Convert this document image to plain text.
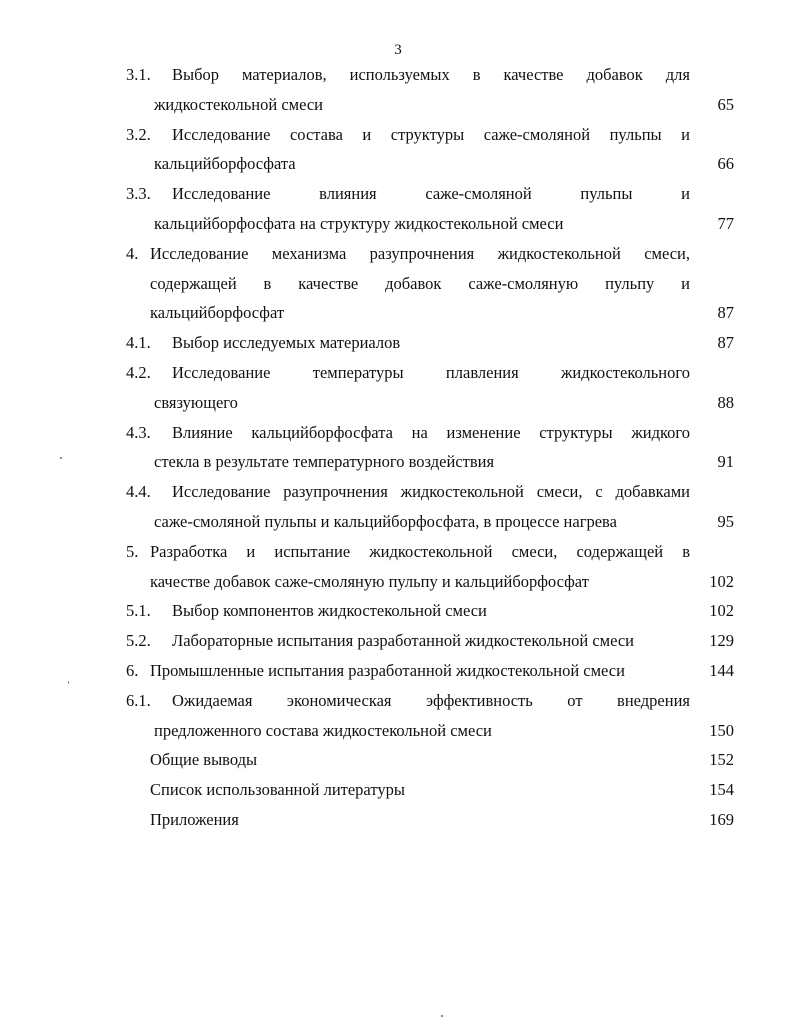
3
3.1. Выбор материалов, используемых в качестве добавок для
жидкостекольной смеси	65
3.2. Исследование состава и структуры саже-смоляной пульпы и
кальцийборфосфата	66
3.3. Исследование влияния саже-смоляной пульпы и
кальцийборфосфата на структуру жидкостекольной смеси	77
4. Исследование механизма разупрочнения жидкостекольной смеси,
содержащей в качестве добавок саже-смоляную пульпу и
кальцийборфосфат	87
4.1. Выбор исследуемых материалов	87
4.2. Исследование температуры плавления жидкостекольного
связующего	88
4.3. Влияние кальцийборфосфата на изменение структуры жидкого
стекла в результате температурного воздействия	91
4.4. Исследование разупрочнения жидкостекольной смеси, с добавками
саже-смоляной пульпы и кальцийборфосфата, в процессе нагрева	95
5. Разработка и испытание жидкостекольной смеси, содержащей в
качестве добавок саже-смоляную пульпу и кальцийборфосфат	102
5.1. Выбор компонентов жидкостекольной смеси	102
5.2. Лабораторные испытания разработанной жидкостекольной смеси	129
6. Промышленные испытания разработанной жидкостекольной смеси	144
6.1. Ожидаемая экономическая эффективность от внедрения
предложенного состава жидкостекольной смеси	150
Общие выводы	152
Список использованной литературы	154
Приложения	169
